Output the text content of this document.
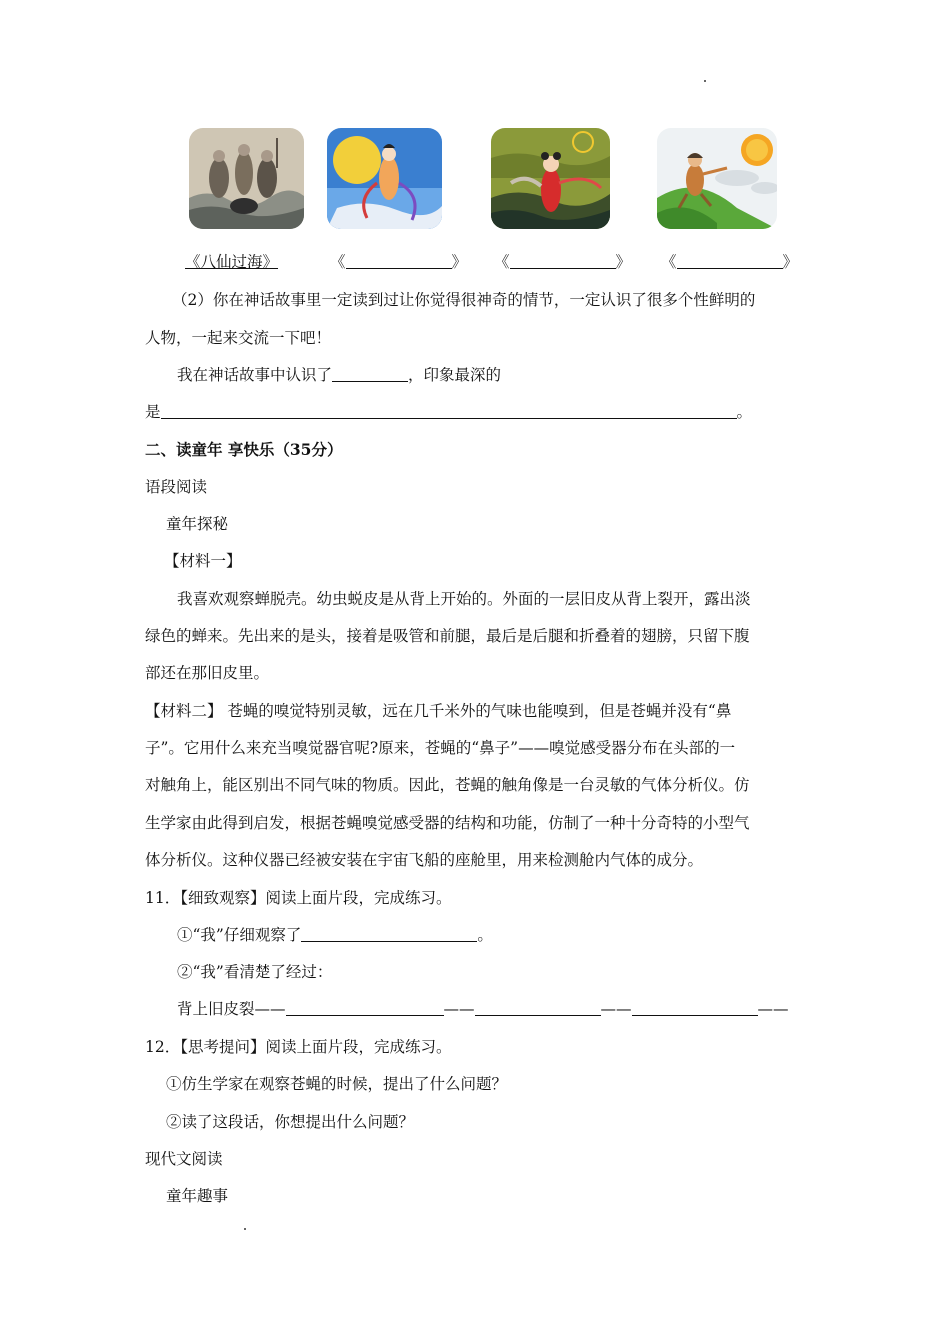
《八仙过海》	《	》 《	》 《	》
（2）你在神话故事里一定读到过让你觉得很神奇的情节，一定认识了很多个性鲜明的
人物，一起来交流一下吧！
我在神话故事中认识了	，印象最深的
是	。
二、读童年 享快乐（35分）
语段阅读
童年探秘
【材料一】
我喜欢观察蝉脱壳。幼虫蜕皮是从背上开始的。外面的一层旧皮从背上裂开，露出淡
绿色的蝉来。先出来的是头，接着是吸管和前腿，最后是后腿和折叠着的翅膀，只留下腹
部还在那旧皮里。
【材料二】 苍蝇的嗅觉特别灵敏，远在几千米外的气味也能嗅到，但是苍蝇并没有“鼻
子”。它用什么来充当嗅觉器官呢?原来，苍蝇的“鼻子”——嗅觉感受器分布在头部的一
对触角上，能区别出不同气味的物质。因此，苍蝇的触角像是一台灵敏的气体分析仪。仿
生学家由此得到启发，根据苍蝇嗅觉感受器的结构和功能，仿制了一种十分奇特的小型气
体分析仪。这种仪器已经被安装在宇宙飞船的座舱里，用来检测舱内气体的成分。
11．【细致观察】阅读上面片段，完成练习。
①“我”仔细观察了	。
②“我”看清楚了经过：
背上旧皮裂——	——	——	——
12．【思考提问】阅读上面片段，完成练习。
①仿生学家在观察苍蝇的时候，提出了什么问题？
②读了这段话，你想提出什么问题？
现代文阅读
童年趣事
